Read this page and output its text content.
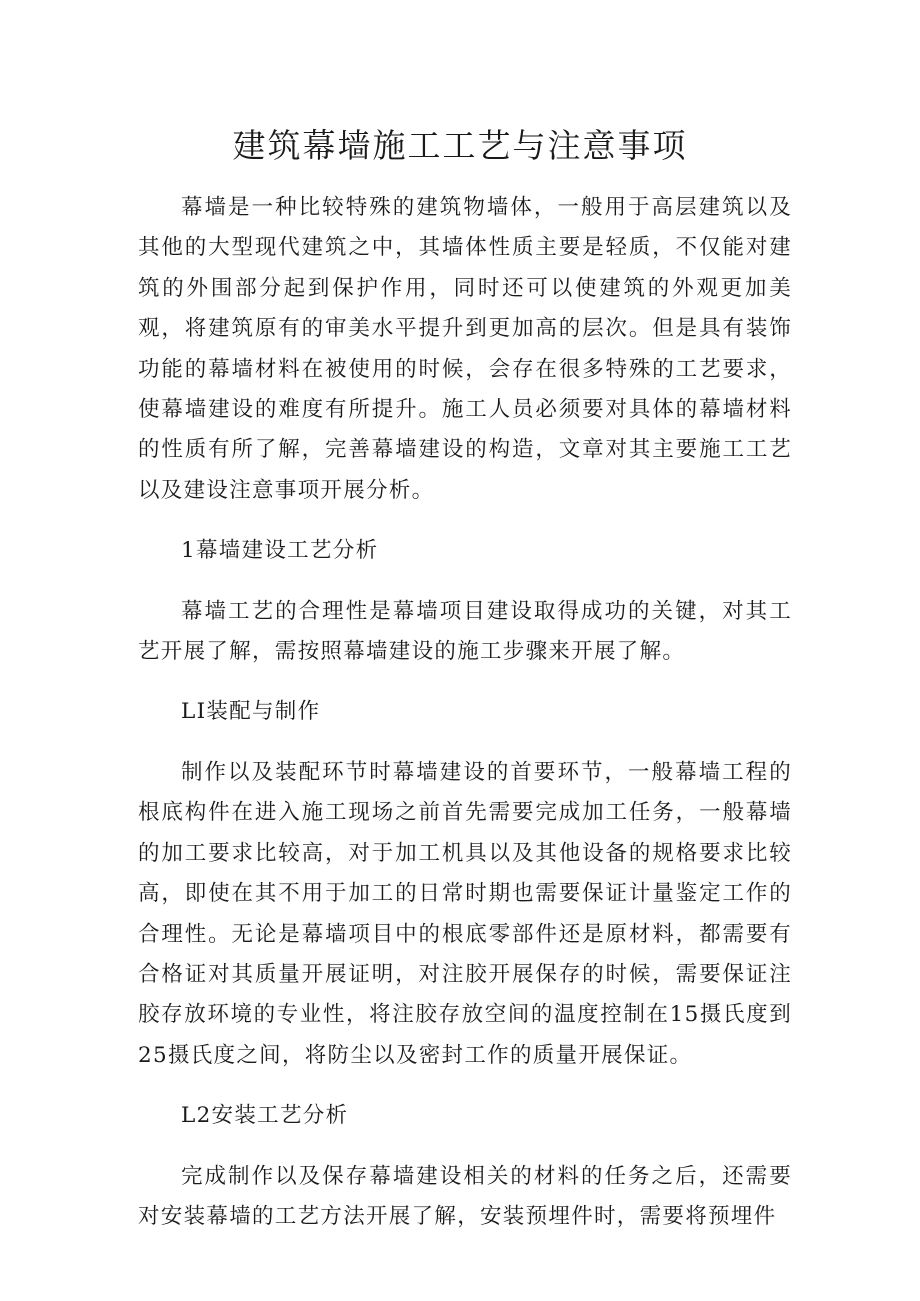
建筑幕墙施工工艺与注意事项

幕墙是一种比较特殊的建筑物墙体，一般用于高层建筑以及其他的大型现代建筑之中，其墙体性质主要是轻质，不仅能对建筑的外围部分起到保护作用，同时还可以使建筑的外观更加美观，将建筑原有的审美水平提升到更加高的层次。但是具有装饰功能的幕墙材料在被使用的时候，会存在很多特殊的工艺要求，使幕墙建设的难度有所提升。施工人员必须要对具体的幕墙材料的性质有所了解，完善幕墙建设的构造，文章对其主要施工工艺以及建设注意事项开展分析。

1幕墙建设工艺分析

幕墙工艺的合理性是幕墙项目建设取得成功的关键，对其工艺开展了解，需按照幕墙建设的施工步骤来开展了解。

LI装配与制作

制作以及装配环节时幕墙建设的首要环节，一般幕墙工程的根底构件在进入施工现场之前首先需要完成加工任务，一般幕墙的加工要求比较高，对于加工机具以及其他设备的规格要求比较高，即使在其不用于加工的日常时期也需要保证计量鉴定工作的合理性。无论是幕墙项目中的根底零部件还是原材料，都需要有合格证对其质量开展证明，对注胶开展保存的时候，需要保证注胶存放环境的专业性，将注胶存放空间的温度控制在15摄氏度到25摄氏度之间，将防尘以及密封工作的质量开展保证。

L2安装工艺分析

完成制作以及保存幕墙建设相关的材料的任务之后，还需要对安装幕墙的工艺方法开展了解，安装预埋件时，需要将预埋件
